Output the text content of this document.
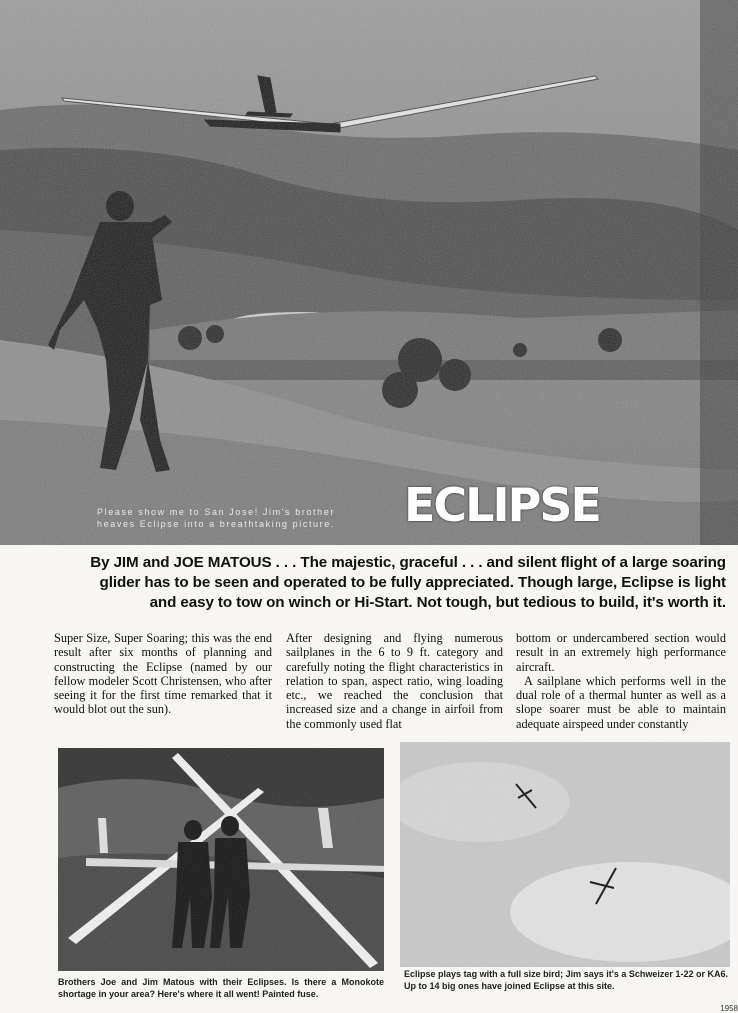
Please show me to San Jose! Jim's brother heaves Eclipse into a breathtaking picture. ECLIPSE
By JIM and JOE MATOUS . . . The majestic, graceful . . . and silent flight of a large soaring glider has to be seen and operated to be fully appreciated. Though large, Eclipse is light and easy to tow on winch or Hi-Start. Not tough, but tedious to build, it's worth it.

Super Size, Super Soaring; this was the end result after six months of planning and constructing the Eclipse (named by our fellow modeler Scott Christensen, who after seeing it for the first time remarked that it would blot out the sun).

After designing and flying numerous sailplanes in the 6 to 9 ft. category and carefully noting the flight characteristics in relation to span, aspect ratio, wing loading etc., we reached the conclusion that increased size and a change in airfoil from the commonly used flat

bottom or undercambered section would result in an extremely high performance aircraft.

A sailplane which performs well in the dual role of a thermal hunter as well as a slope soarer must be able to maintain adequate airspeed under constantly

Brothers Joe and Jim Matous with their Eclipses. Is there a Monokote shortage in your area? Here's where it all went! Painted fuse.
Eclipse plays tag with a full size bird; Jim says it's a Schweizer 1-22 or KA6. Up to 14 big ones have joined Eclipse at this site.
1958
